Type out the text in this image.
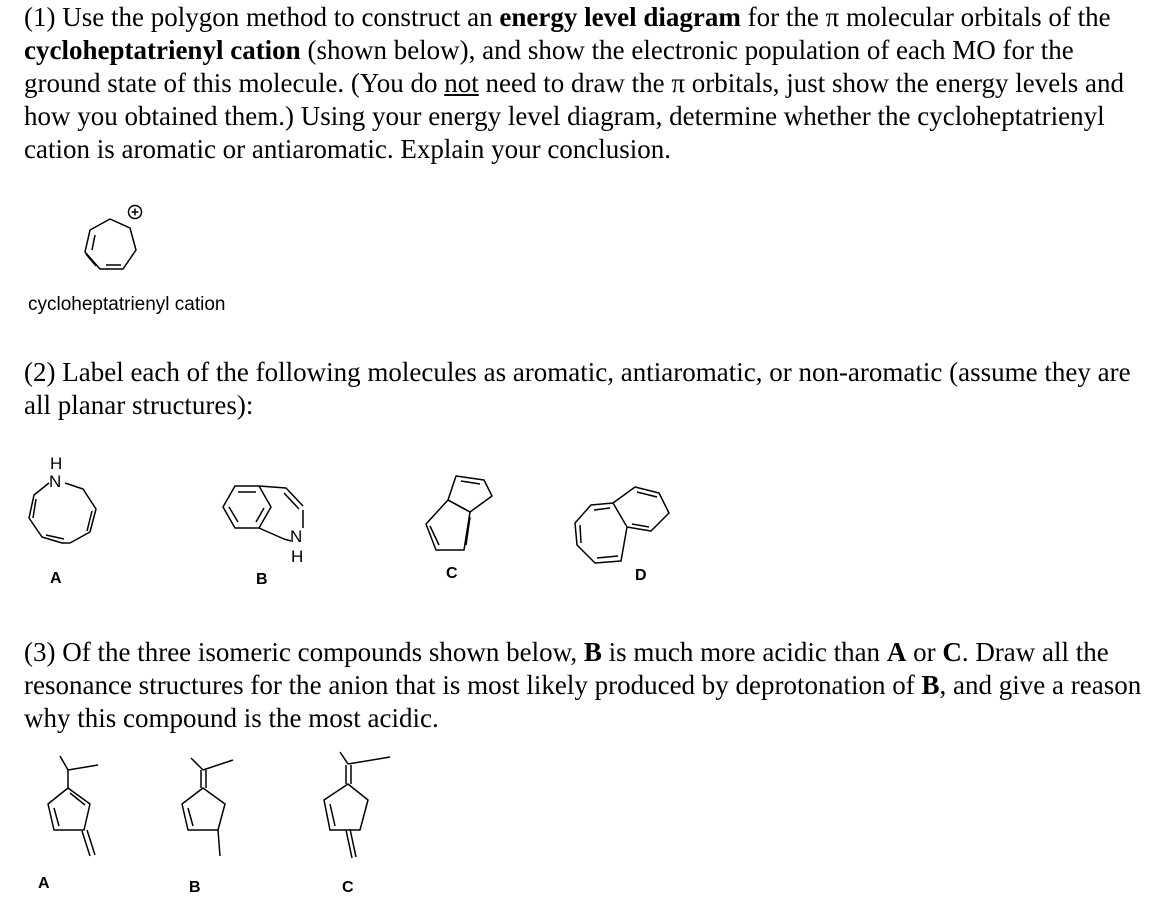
(1) Use the polygon method to construct an energy level diagram for the π molecular orbitals of the cycloheptatrienyl cation (shown below), and show the electronic population of each MO for the ground state of this molecule. (You do not need to draw the π orbitals, just show the energy levels and how you obtained them.) Using your energy level diagram, determine whether the cycloheptatrienyl cation is aromatic or antiaromatic. Explain your conclusion.

cycloheptatrienyl cation

(2) Label each of the following molecules as aromatic, antiaromatic, or non-aromatic (assume they are all planar structures):

H
N
A
N
H
B	C	D

(3) Of the three isomeric compounds shown below, B is much more acidic than A or C. Draw all the resonance structures for the anion that is most likely produced by deprotonation of B, and give a reason why this compound is the most acidic.

A	B	C
